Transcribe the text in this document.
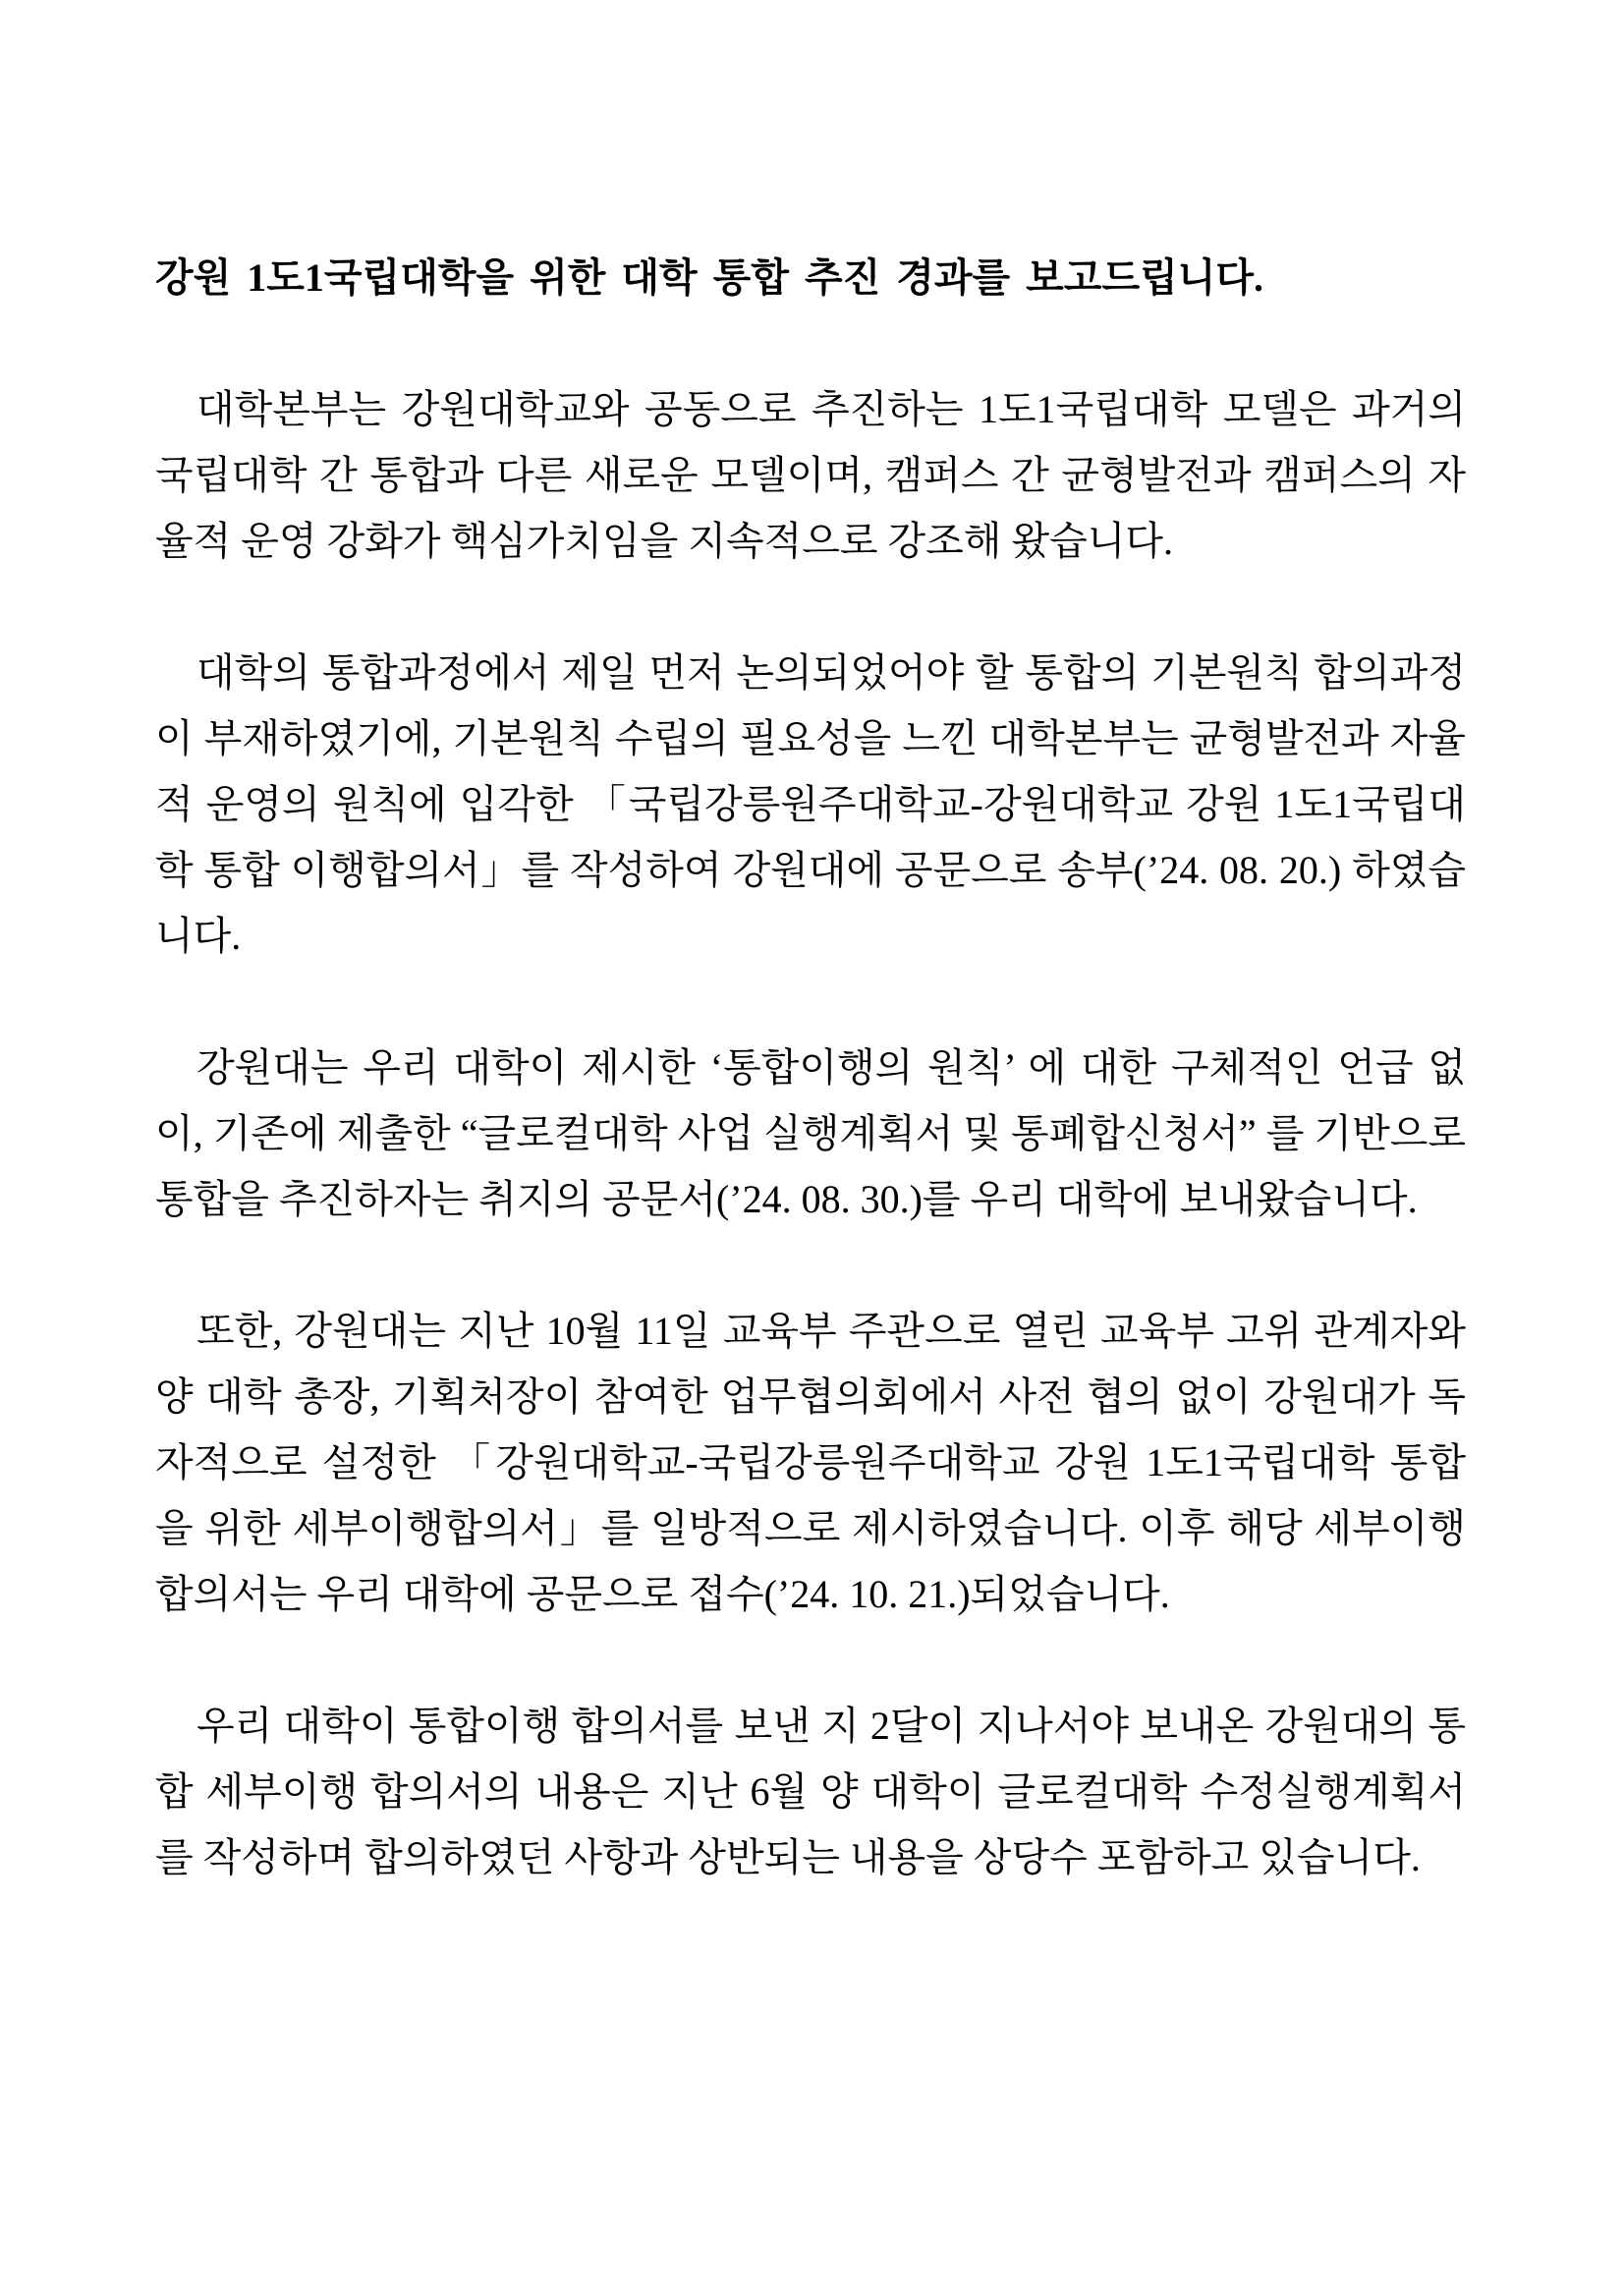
강원 1도1국립대학을 위한 대학 통합 추진 경과를 보고드립니다.

대학본부는 강원대학교와 공동으로 추진하는 1도1국립대학 모델은 과거의 국립대학 간 통합과 다른 새로운 모델이며, 캠퍼스 간 균형발전과 캠퍼스의 자율적 운영 강화가 핵심가치임을 지속적으로 강조해 왔습니다.

대학의 통합과정에서 제일 먼저 논의되었어야 할 통합의 기본원칙 합의과정이 부재하였기에, 기본원칙 수립의 필요성을 느낀 대학본부는 균형발전과 자율적 운영의 원칙에 입각한 「국립강릉원주대학교-강원대학교 강원 1도1국립대학 통합 이행합의서」를 작성하여 강원대에 공문으로 송부(’24. 08. 20.) 하였습니다.

강원대는 우리 대학이 제시한 ‘통합이행의 원칙’ 에 대한 구체적인 언급 없이, 기존에 제출한 “글로컬대학 사업 실행계획서 및 통폐합신청서” 를 기반으로 통합을 추진하자는 취지의 공문서(’24. 08. 30.)를 우리 대학에 보내왔습니다.

또한, 강원대는 지난 10월 11일 교육부 주관으로 열린 교육부 고위 관계자와 양 대학 총장, 기획처장이 참여한 업무협의회에서 사전 협의 없이 강원대가 독자적으로 설정한 「강원대학교-국립강릉원주대학교 강원 1도1국립대학 통합을 위한 세부이행합의서」를 일방적으로 제시하였습니다. 이후 해당 세부이행합의서는 우리 대학에 공문으로 접수(’24. 10. 21.)되었습니다.

우리 대학이 통합이행 합의서를 보낸 지 2달이 지나서야 보내온 강원대의 통합 세부이행 합의서의 내용은 지난 6월 양 대학이 글로컬대학 수정실행계획서를 작성하며 합의하였던 사항과 상반되는 내용을 상당수 포함하고 있습니다.
